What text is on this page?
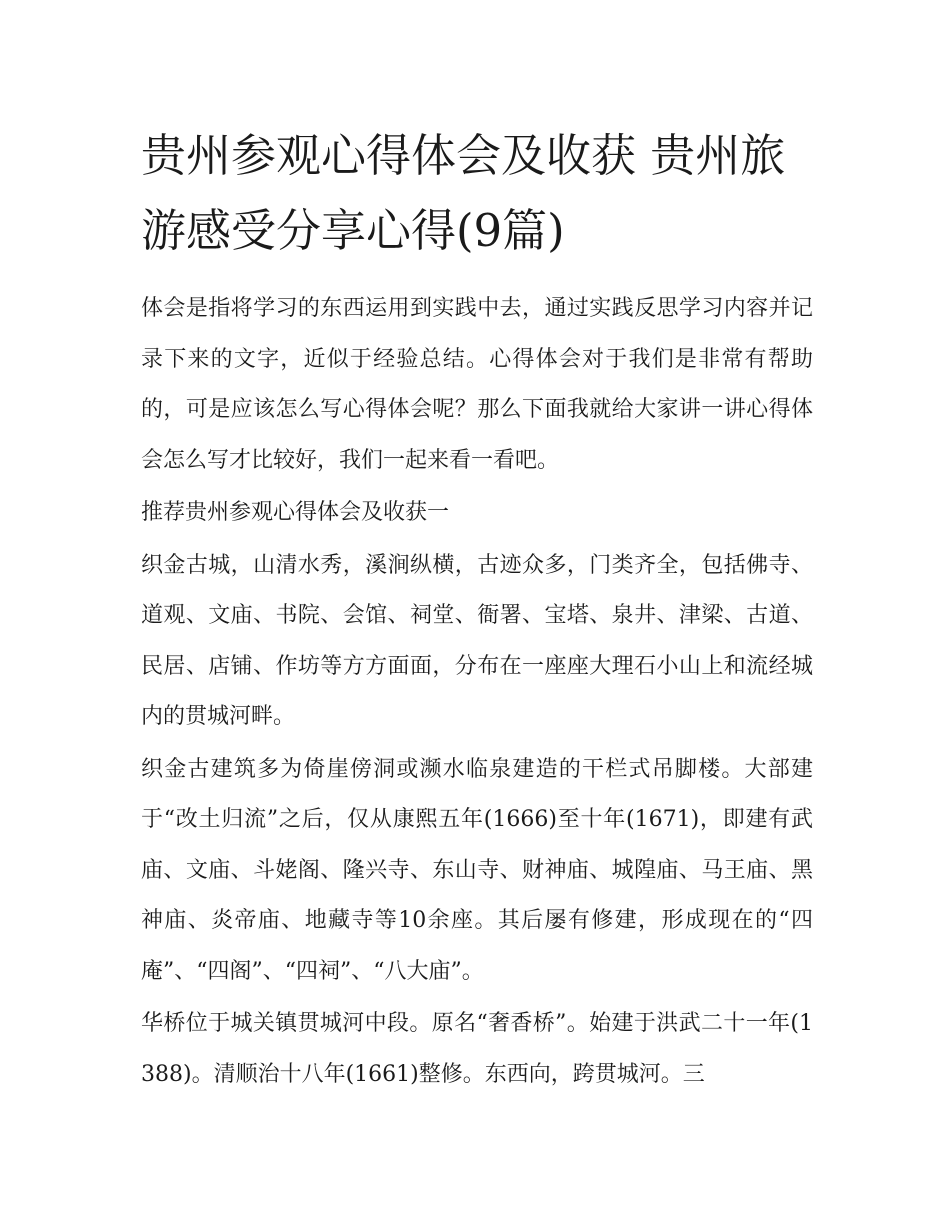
贵州参观心得体会及收获 贵州旅游感受分享心得(9篇)

体会是指将学习的东西运用到实践中去，通过实践反思学习内容并记录下来的文字，近似于经验总结。心得体会对于我们是非常有帮助的，可是应该怎么写心得体会呢？那么下面我就给大家讲一讲心得体会怎么写才比较好，我们一起来看一看吧。

推荐贵州参观心得体会及收获一

织金古城，山清水秀，溪涧纵横，古迹众多，门类齐全，包括佛寺、道观、文庙、书院、会馆、祠堂、衙署、宝塔、泉井、津梁、古道、民居、店铺、作坊等方方面面，分布在一座座大理石小山上和流经城内的贯城河畔。

织金古建筑多为倚崖傍洞或濒水临泉建造的干栏式吊脚楼。大部建于“改土归流”之后，仅从康熙五年(1666)至十年(1671)，即建有武庙、文庙、斗姥阁、隆兴寺、东山寺、财神庙、城隍庙、马王庙、黑神庙、炎帝庙、地藏寺等10余座。其后屡有修建，形成现在的“四庵”、“四阁”、“四祠”、“八大庙”。

华桥位于城关镇贯城河中段。原名“奢香桥”。始建于洪武二十一年(1388)。清顺治十八年(1661)整修。东西向，跨贯城河。三
